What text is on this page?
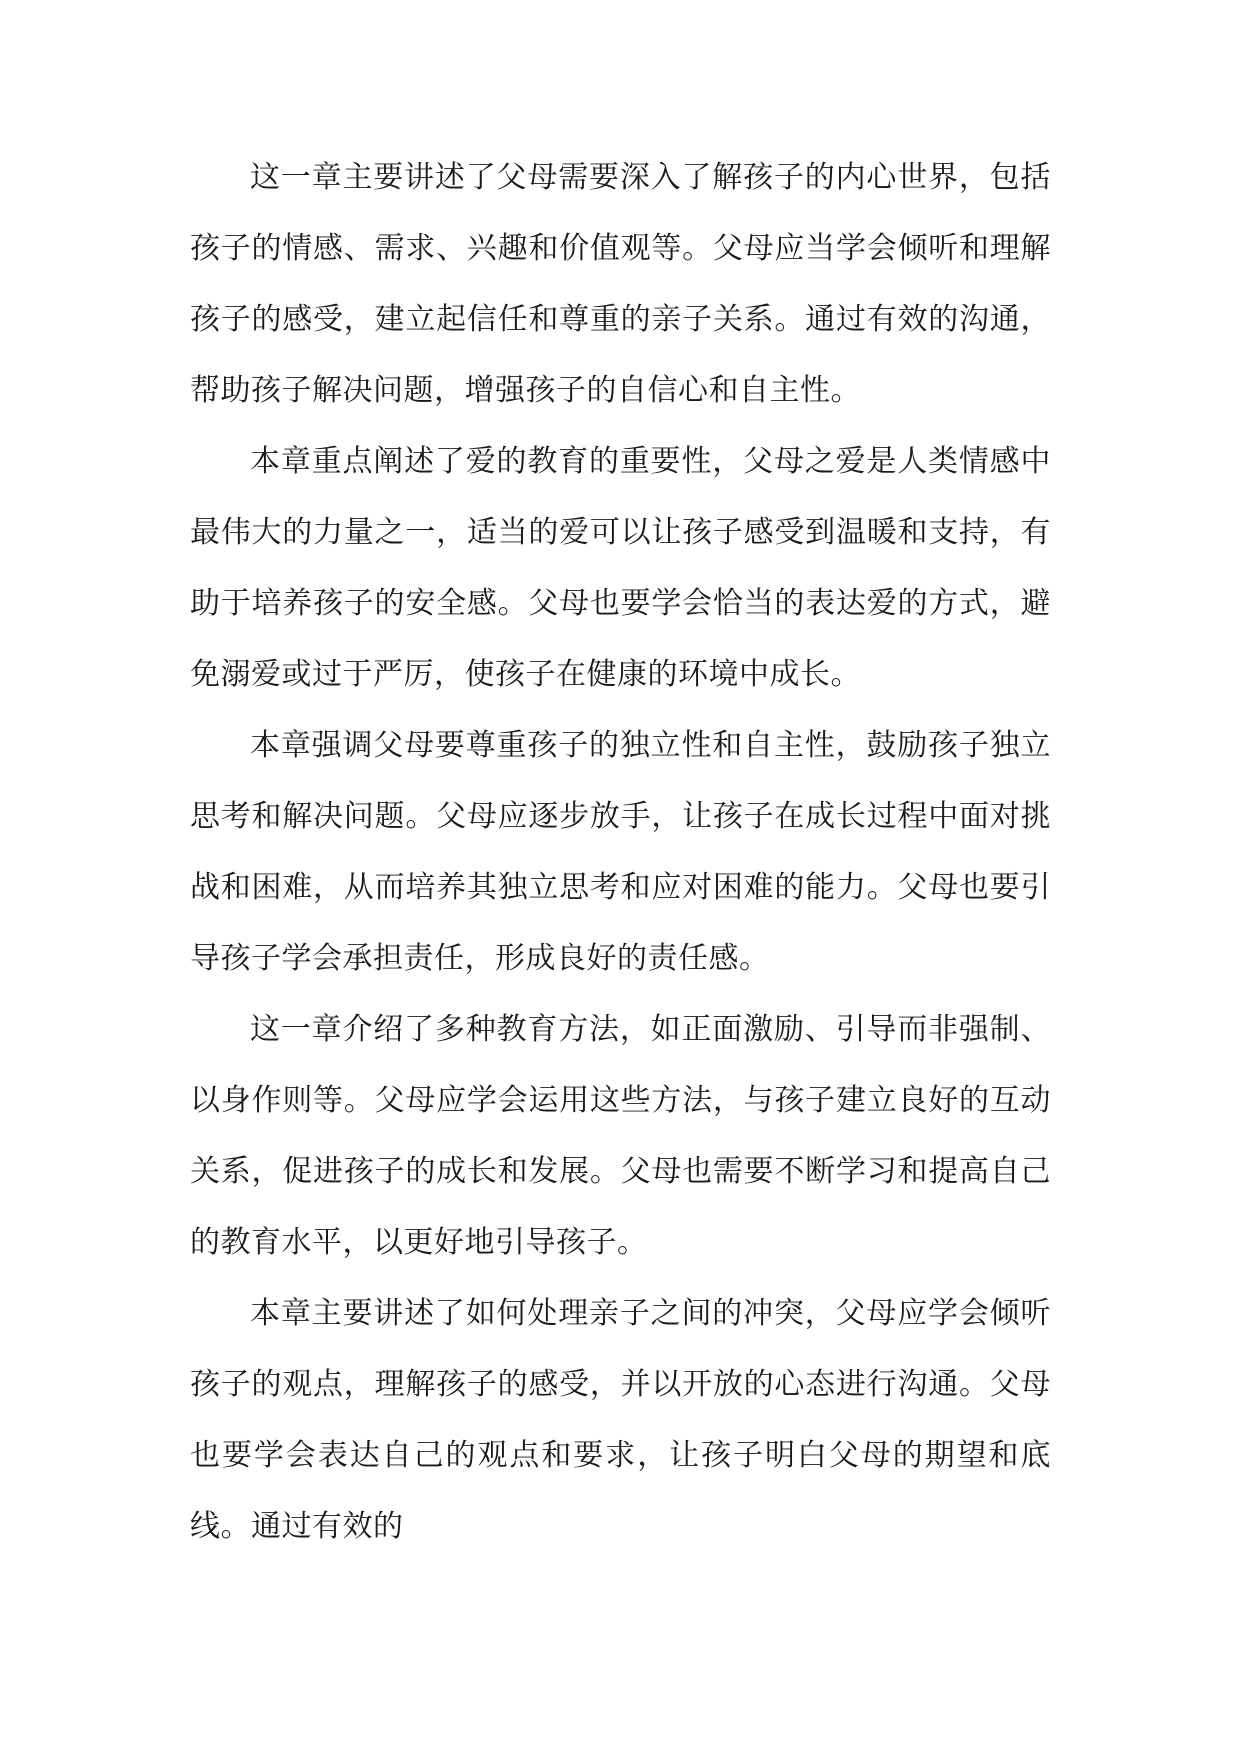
这一章主要讲述了父母需要深入了解孩子的内心世界，包括孩子的情感、需求、兴趣和价值观等。父母应当学会倾听和理解孩子的感受，建立起信任和尊重的亲子关系。通过有效的沟通，帮助孩子解决问题，增强孩子的自信心和自主性。

本章重点阐述了爱的教育的重要性，父母之爱是人类情感中最伟大的力量之一，适当的爱可以让孩子感受到温暖和支持，有助于培养孩子的安全感。父母也要学会恰当的表达爱的方式，避免溺爱或过于严厉，使孩子在健康的环境中成长。

本章强调父母要尊重孩子的独立性和自主性，鼓励孩子独立思考和解决问题。父母应逐步放手，让孩子在成长过程中面对挑战和困难，从而培养其独立思考和应对困难的能力。父母也要引导孩子学会承担责任，形成良好的责任感。

这一章介绍了多种教育方法，如正面激励、引导而非强制、以身作则等。父母应学会运用这些方法，与孩子建立良好的互动关系，促进孩子的成长和发展。父母也需要不断学习和提高自己的教育水平，以更好地引导孩子。

本章主要讲述了如何处理亲子之间的冲突，父母应学会倾听孩子的观点，理解孩子的感受，并以开放的心态进行沟通。父母也要学会表达自己的观点和要求，让孩子明白父母的期望和底线。通过有效的
